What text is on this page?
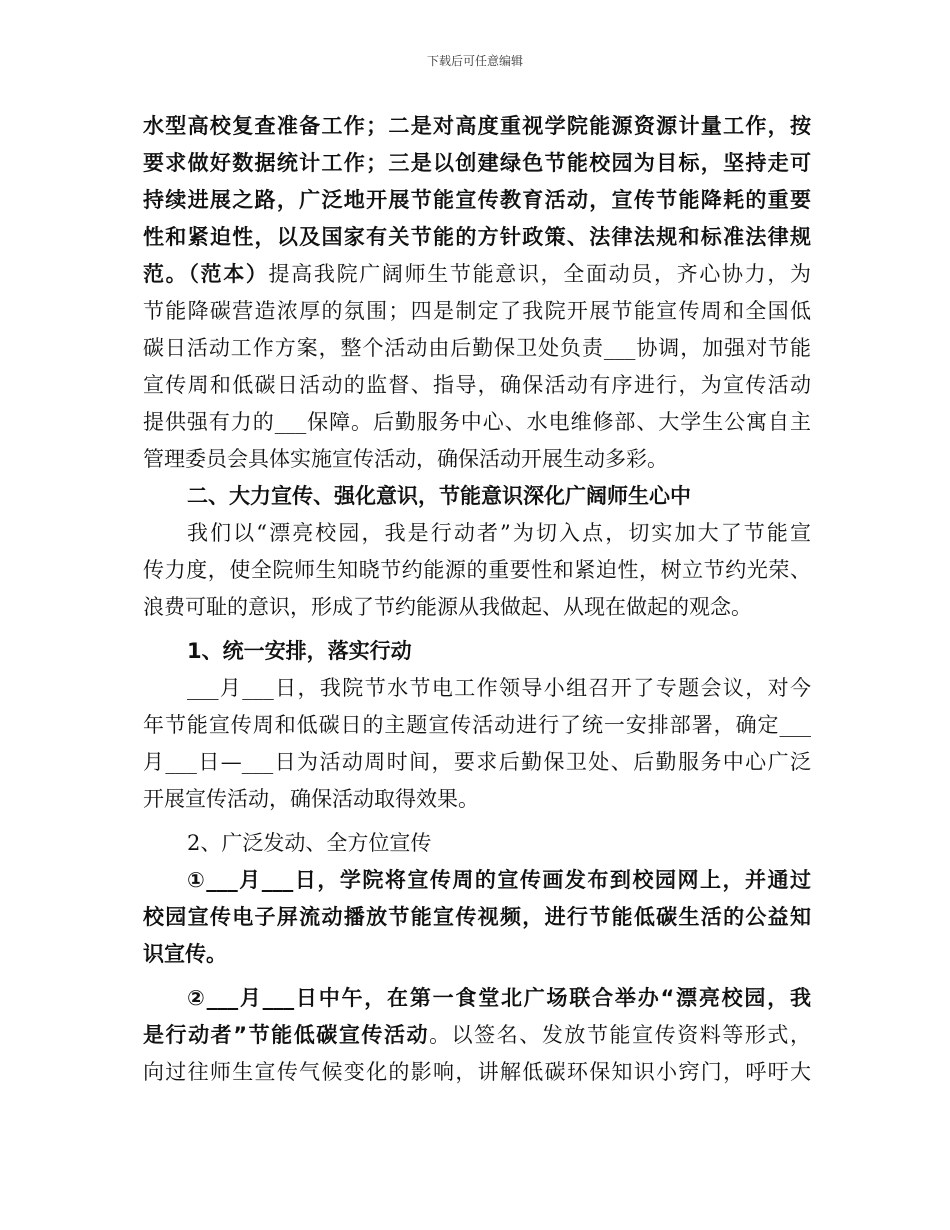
下载后可任意编辑
水型高校复查准备工作；二是对高度重视学院能源资源计量工作，按
要求做好数据统计工作；三是以创建绿色节能校园为目标，坚持走可
持续进展之路，广泛地开展节能宣传教育活动，宣传节能降耗的重要
性和紧迫性，以及国家有关节能的方针政策、法律法规和标准法律规
范。（范本）提高我院广阔师生节能意识，全面动员，齐心协力，为
节能降碳营造浓厚的氛围；四是制定了我院开展节能宣传周和全国低
碳日活动工作方案，整个活动由后勤保卫处负责___协调，加强对节能
宣传周和低碳日活动的监督、指导，确保活动有序进行，为宣传活动
提供强有力的___保障。后勤服务中心、水电维修部、大学生公寓自主
管理委员会具体实施宣传活动，确保活动开展生动多彩。
二、大力宣传、强化意识，节能意识深化广阔师生心中
我们以“漂亮校园，我是行动者”为切入点，切实加大了节能宣
传力度，使全院师生知晓节约能源的重要性和紧迫性，树立节约光荣、
浪费可耻的意识，形成了节约能源从我做起、从现在做起的观念。
1、统一安排，落实行动
___月___日，我院节水节电工作领导小组召开了专题会议，对今
年节能宣传周和低碳日的主题宣传活动进行了统一安排部署，确定___
月___日—___日为活动周时间，要求后勤保卫处、后勤服务中心广泛
开展宣传活动，确保活动取得效果。
2、广泛发动、全方位宣传
①___月___日，学院将宣传周的宣传画发布到校园网上，并通过
校园宣传电子屏流动播放节能宣传视频，进行节能低碳生活的公益知
识宣传。
②___月___日中午，在第一食堂北广场联合举办“漂亮校园，我
是行动者”节能低碳宣传活动。以签名、发放节能宣传资料等形式，
向过往师生宣传气候变化的影响，讲解低碳环保知识小窍门，呼吁大
